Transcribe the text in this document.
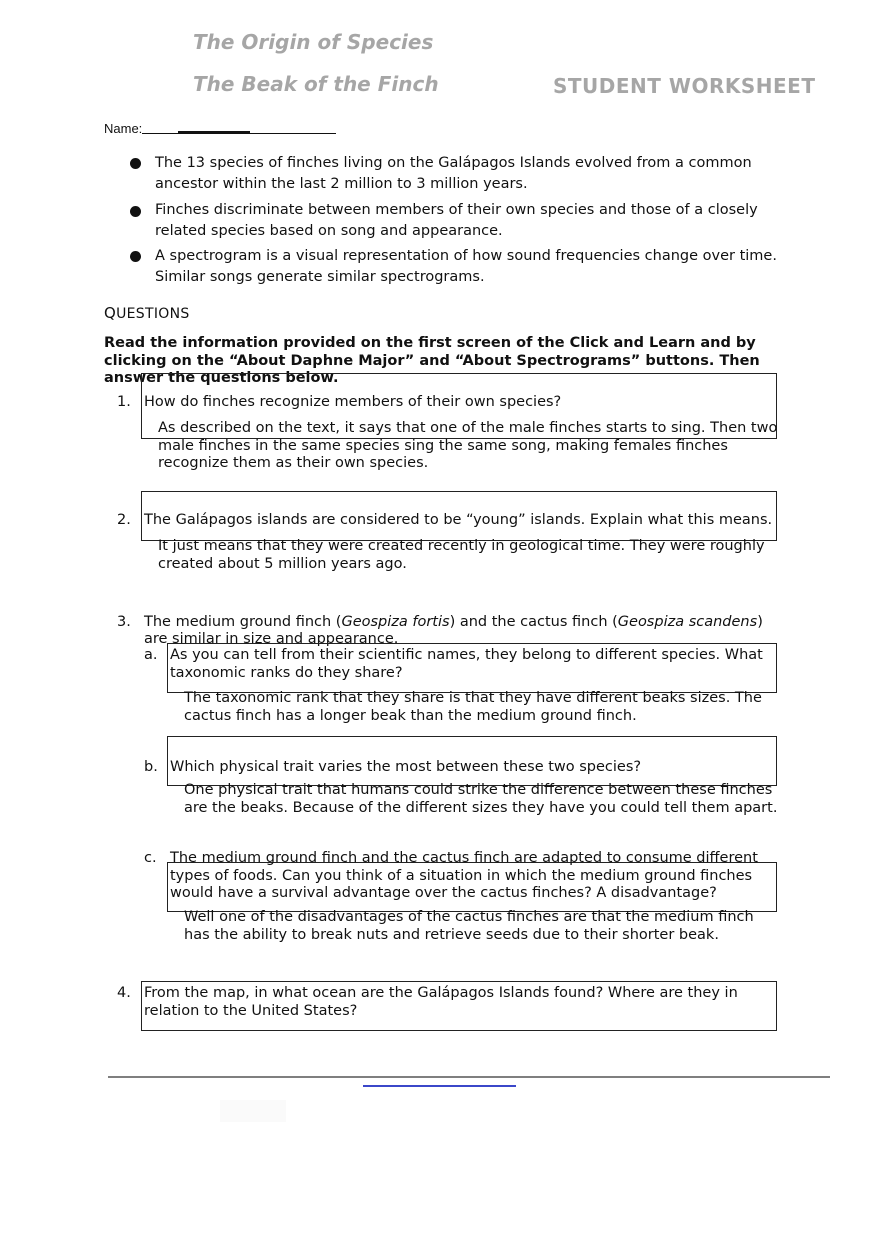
The Origin of Species
The Beak of the Finch	STUDENT WORKSHEET
Name:
The 13 species of finches living on the Galápagos Islands evolved from a common ancestor within the last 2 million to 3 million years.
Finches discriminate between members of their own species and those of a closely related species based on song and appearance.
A spectrogram is a visual representation of how sound frequencies change over time. Similar songs generate similar spectrograms.
QUESTIONS
Read the information provided on the first screen of the Click and Learn and by clicking on the “About Daphne Major” and “About Spectrograms” buttons. Then answer the questions below.
1. How do finches recognize members of their own species?
As described on the text, it says that one of the male finches starts to sing. Then two male finches in the same species sing the same song, making females finches recognize them as their own species.
2. The Galápagos islands are considered to be “young” islands. Explain what this means.
It just means that they were created recently in geological time. They were roughly created about 5 million years ago.
3. The medium ground finch (Geospiza fortis) and the cactus finch (Geospiza scandens)
are similar in size and appearance.
a. As you can tell from their scientific names, they belong to different species. What taxonomic ranks do they share?
The taxonomic rank that they share is that they have different beaks sizes. The cactus finch has a longer beak than the medium ground finch.
b. Which physical trait varies the most between these two species?
One physical trait that humans could strike the difference between these finches are the beaks. Because of the different sizes they have you could tell them apart.
c. The medium ground finch and the cactus finch are adapted to consume different types of foods. Can you think of a situation in which the medium ground finches would have a survival advantage over the cactus finches? A disadvantage?
Well one of the disadvantages of the cactus finches are that the medium finch has the ability to break nuts and retrieve seeds due to their shorter beak.
4. From the map, in what ocean are the Galápagos Islands found? Where are they in relation to the United States?
